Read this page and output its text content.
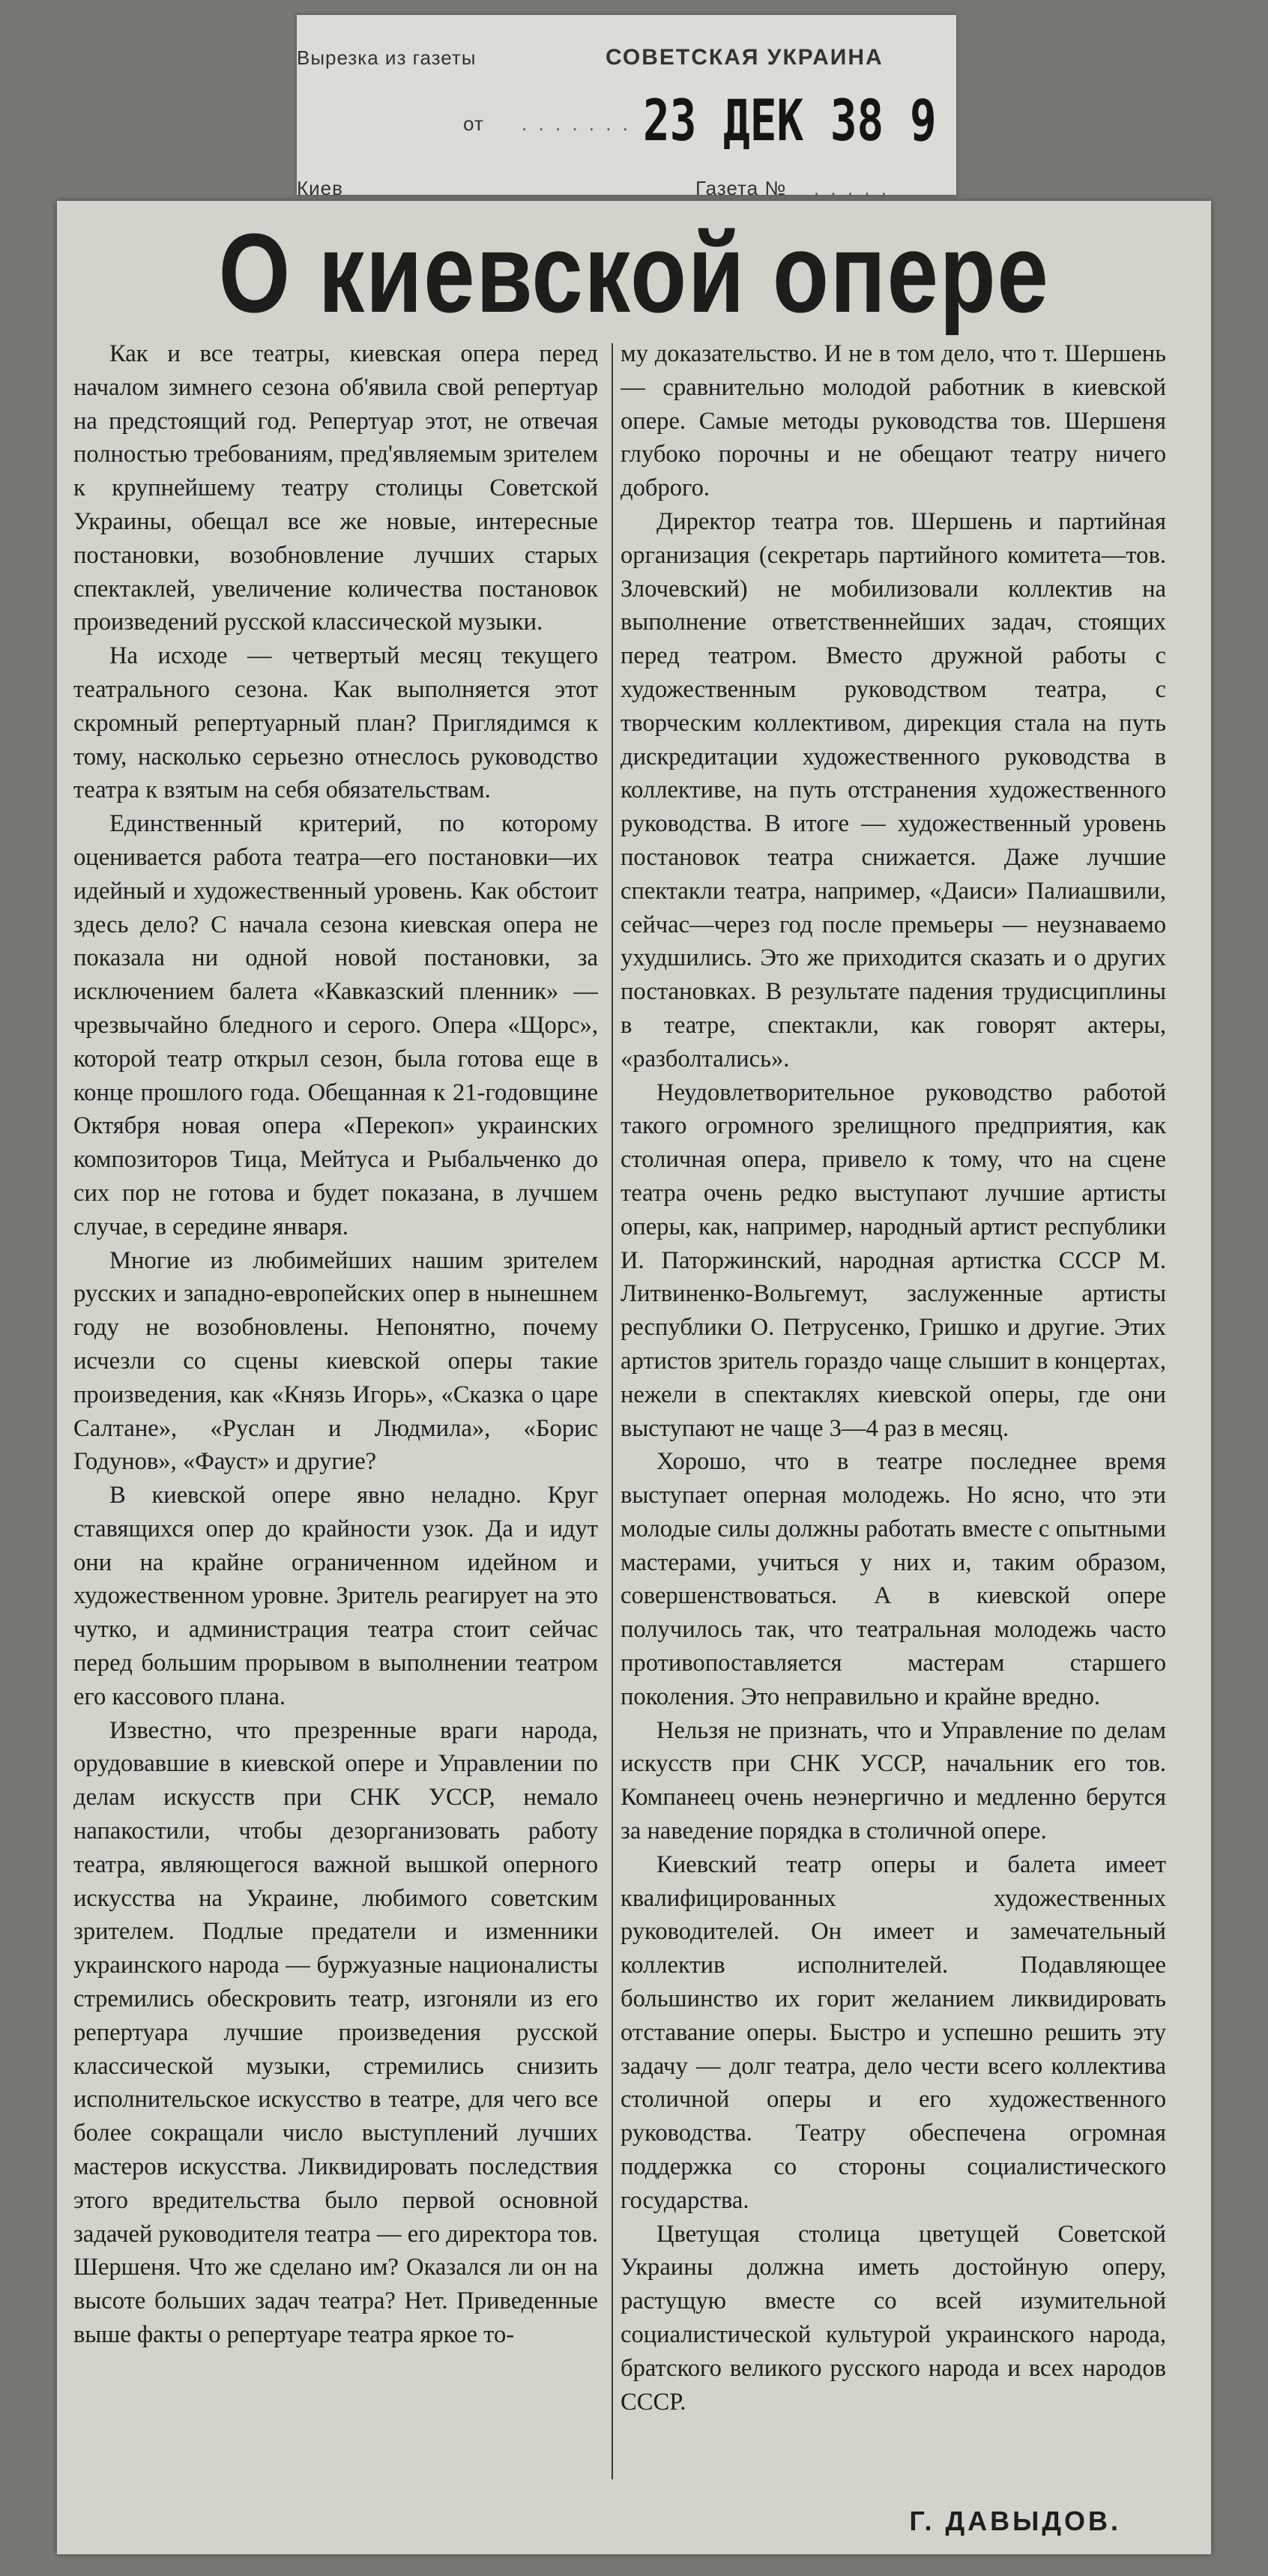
Вырезка из газеты	СОВЕТСКАЯ УКРАИНА
от . . . . . . . 23 ДЕК 38 9
Киев	Газета № . . . . .
О киевской опере

Как и все театры, киевская опера перед началом зимнего сезона об'явила свой репертуар на предстоящий год. Репертуар этот, не отвечая полностью требованиям, пред'являемым зрителем к крупнейшему театру столицы Советской Украины, обещал все же новые, интересные постановки, возобновление лучших старых спектаклей, увеличение количества постановок произведений русской классической музыки.

На исходе — четвертый месяц текущего театрального сезона. Как выполняется этот скромный репертуарный план? Приглядимся к тому, насколько серьезно отнеслось руководство театра к взятым на себя обязательствам.

Единственный критерий, по которому оценивается работа театра—его постановки—их идейный и художественный уровень. Как обстоит здесь дело? С начала сезона киевская опера не показала ни одной новой постановки, за исключением балета «Кавказский пленник» — чрезвычайно бледного и серого. Опера «Щорс», которой театр открыл сезон, была готова еще в конце прошлого года. Обещанная к 21-годовщине Октября новая опера «Перекоп» украинских композиторов Тица, Мейтуса и Рыбальченко до сих пор не готова и будет показана, в лучшем случае, в середине января.

Многие из любимейших нашим зрителем русских и западно-европейских опер в нынешнем году не возобновлены. Непонятно, почему исчезли со сцены киевской оперы такие произведения, как «Князь Игорь», «Сказка о царе Салтане», «Руслан и Людмила», «Борис Годунов», «Фауст» и другие?

В киевской опере явно неладно. Круг ставящихся опер до крайности узок. Да и идут они на крайне ограниченном идейном и художественном уровне. Зритель реагирует на это чутко, и администрация театра стоит сейчас перед большим прорывом в выполнении театром его кассового плана.

Известно, что презренные враги народа, орудовавшие в киевской опере и Управлении по делам искусств при СНК УССР, немало напакостили, чтобы дезорганизовать работу театра, являющегося важной вышкой оперного искусства на Украине, любимого советским зрителем. Подлые предатели и изменники украинского народа — буржуазные националисты стремились обескровить театр, изгоняли из его репертуара лучшие произведения русской классической музыки, стремились снизить исполнительское искусство в театре, для чего все более сокращали число выступлений лучших мастеров искусства. Ликвидировать последствия этого вредительства было первой основной задачей руководителя театра — его директора тов. Шершеня. Что же сделано им? Оказался ли он на высоте больших задач театра? Нет. Приведенные выше факты о репертуаре театра яркое то-

му доказательство. И не в том дело, что т. Шершень — сравнительно молодой работник в киевской опере. Самые методы руководства тов. Шершеня глубоко порочны и не обещают театру ничего доброго.

Директор театра тов. Шершень и партийная организация (секретарь партийного комитета—тов. Злочевский) не мобилизовали коллектив на выполнение ответственнейших задач, стоящих перед театром. Вместо дружной работы с художественным руководством театра, с творческим коллективом, дирекция стала на путь дискредитации художественного руководства в коллективе, на путь отстранения художественного руководства. В итоге — художественный уровень постановок театра снижается. Даже лучшие спектакли театра, например, «Даиси» Палиашвили, сейчас—через год после премьеры — неузнаваемо ухудшились. Это же приходится сказать и о других постановках. В результате падения трудисциплины в театре, спектакли, как говорят актеры, «разболтались».

Неудовлетворительное руководство работой такого огромного зрелищного предприятия, как столичная опера, привело к тому, что на сцене театра очень редко выступают лучшие артисты оперы, как, например, народный артист республики И. Паторжинский, народная артистка СССР М. Литвиненко-Вольгемут, заслуженные артисты республики О. Петрусенко, Гришко и другие. Этих артистов зритель гораздо чаще слышит в концертах, нежели в спектаклях киевской оперы, где они выступают не чаще 3—4 раз в месяц.

Хорошо, что в театре последнее время выступает оперная молодежь. Но ясно, что эти молодые силы должны работать вместе с опытными мастерами, учиться у них и, таким образом, совершенствоваться. А в киевской опере получилось так, что театральная молодежь часто противопоставляется мастерам старшего поколения. Это неправильно и крайне вредно.

Нельзя не признать, что и Управление по делам искусств при СНК УССР, начальник его тов. Компанеец очень неэнергично и медленно берутся за наведение порядка в столичной опере.

Киевский театр оперы и балета имеет квалифицированных художественных руководителей. Он имеет и замечательный коллектив исполнителей. Подавляющее большинство их горит желанием ликвидировать отставание оперы. Быстро и успешно решить эту задачу — долг театра, дело чести всего коллектива столичной оперы и его художественного руководства. Театру обеспечена огромная поддержка со стороны социалистического государства.

Цветущая столица цветущей Советской Украины должна иметь достойную оперу, растущую вместе со всей изумительной социалистической культурой украинского народа, братского великого русского народа и всех народов СССР.

Г. ДАВЫДОВ.
